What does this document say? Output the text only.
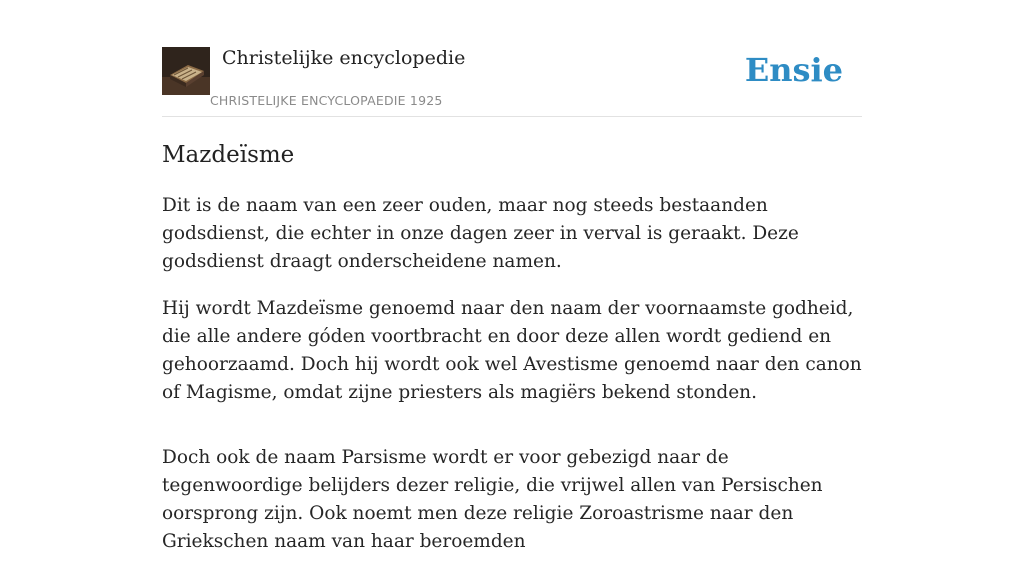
Christelijke encyclopedie
CHRISTELIJKE ENCYCLOPAEDIE 1925
Ensie
Mazdeïsme

Dit is de naam van een zeer ouden, maar nog steeds bestaanden godsdienst, die echter in onze dagen zeer in verval is geraakt. Deze godsdienst draagt onderscheidene namen.

Hij wordt Mazdeïsme genoemd naar den naam der voornaamste godheid, die alle andere góden voortbracht en door deze allen wordt gediend en gehoorzaamd. Doch hij wordt ook wel Avestisme genoemd naar den canon of Magisme, omdat zijne priesters als magiërs bekend stonden.

Doch ook de naam Parsisme wordt er voor gebezigd naar de tegenwoordige belijders dezer religie, die vrijwel allen van Persischen oorsprong zijn. Ook noemt men deze religie Zoroastrisme naar den Griekschen naam van haar beroemden
